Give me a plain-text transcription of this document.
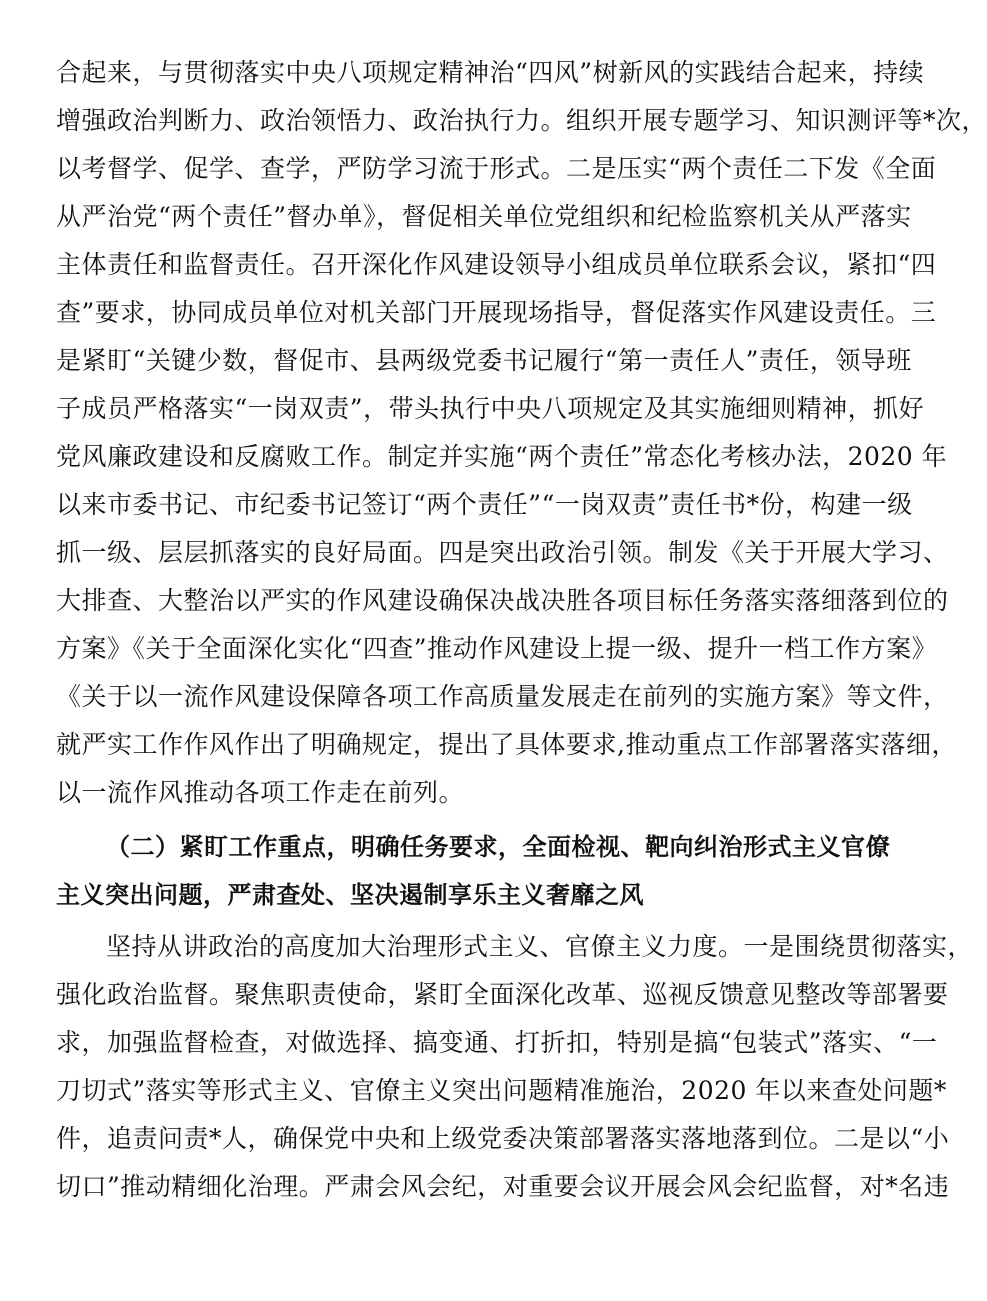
合起来，与贯彻落实中央八项规定精神治“四风”树新风的实践结合起来，持续
增强政治判断力、政治领悟力、政治执行力。组织开展专题学习、知识测评等*次，
以考督学、促学、查学，严防学习流于形式。二是压实“两个责任二下发《全面
从严治党“两个责任”督办单》，督促相关单位党组织和纪检监察机关从严落实
主体责任和监督责任。召开深化作风建设领导小组成员单位联系会议，紧扣“四
查”要求，协同成员单位对机关部门开展现场指导，督促落实作风建设责任。三
是紧盯“关键少数，督促市、县两级党委书记履行“第一责任人”责任，领导班
子成员严格落实“一岗双责”，带头执行中央八项规定及其实施细则精神，抓好
党风廉政建设和反腐败工作。制定并实施“两个责任”常态化考核办法，2020 年
以来市委书记、市纪委书记签订“两个责任”“一岗双责”责任书*份，构建一级
抓一级、层层抓落实的良好局面。四是突出政治引领。制发《关于开展大学习、
大排查、大整治以严实的作风建设确保决战决胜各项目标任务落实落细落到位的
方案》《关于全面深化实化“四查”推动作风建设上提一级、提升一档工作方案》
《关于以一流作风建设保障各项工作高质量发展走在前列的实施方案》等文件，
就严实工作作风作出了明确规定，提出了具体要求,推动重点工作部署落实落细，
以一流作风推动各项工作走在前列。
（二）紧盯工作重点，明确任务要求，全面检视、靶向纠治形式主义官僚
主义突出问题，严肃查处、坚决遏制享乐主义奢靡之风
坚持从讲政治的高度加大治理形式主义、官僚主义力度。一是围绕贯彻落实，
强化政治监督。聚焦职责使命，紧盯全面深化改革、巡视反馈意见整改等部署要
求，加强监督检查，对做选择、搞变通、打折扣，特别是搞“包装式”落实、“一
刀切式”落实等形式主义、官僚主义突出问题精准施治，2020 年以来查处问题*
件，追责问责*人，确保党中央和上级党委决策部署落实落地落到位。二是以“小
切口”推动精细化治理。严肃会风会纪，对重要会议开展会风会纪监督，对*名违
